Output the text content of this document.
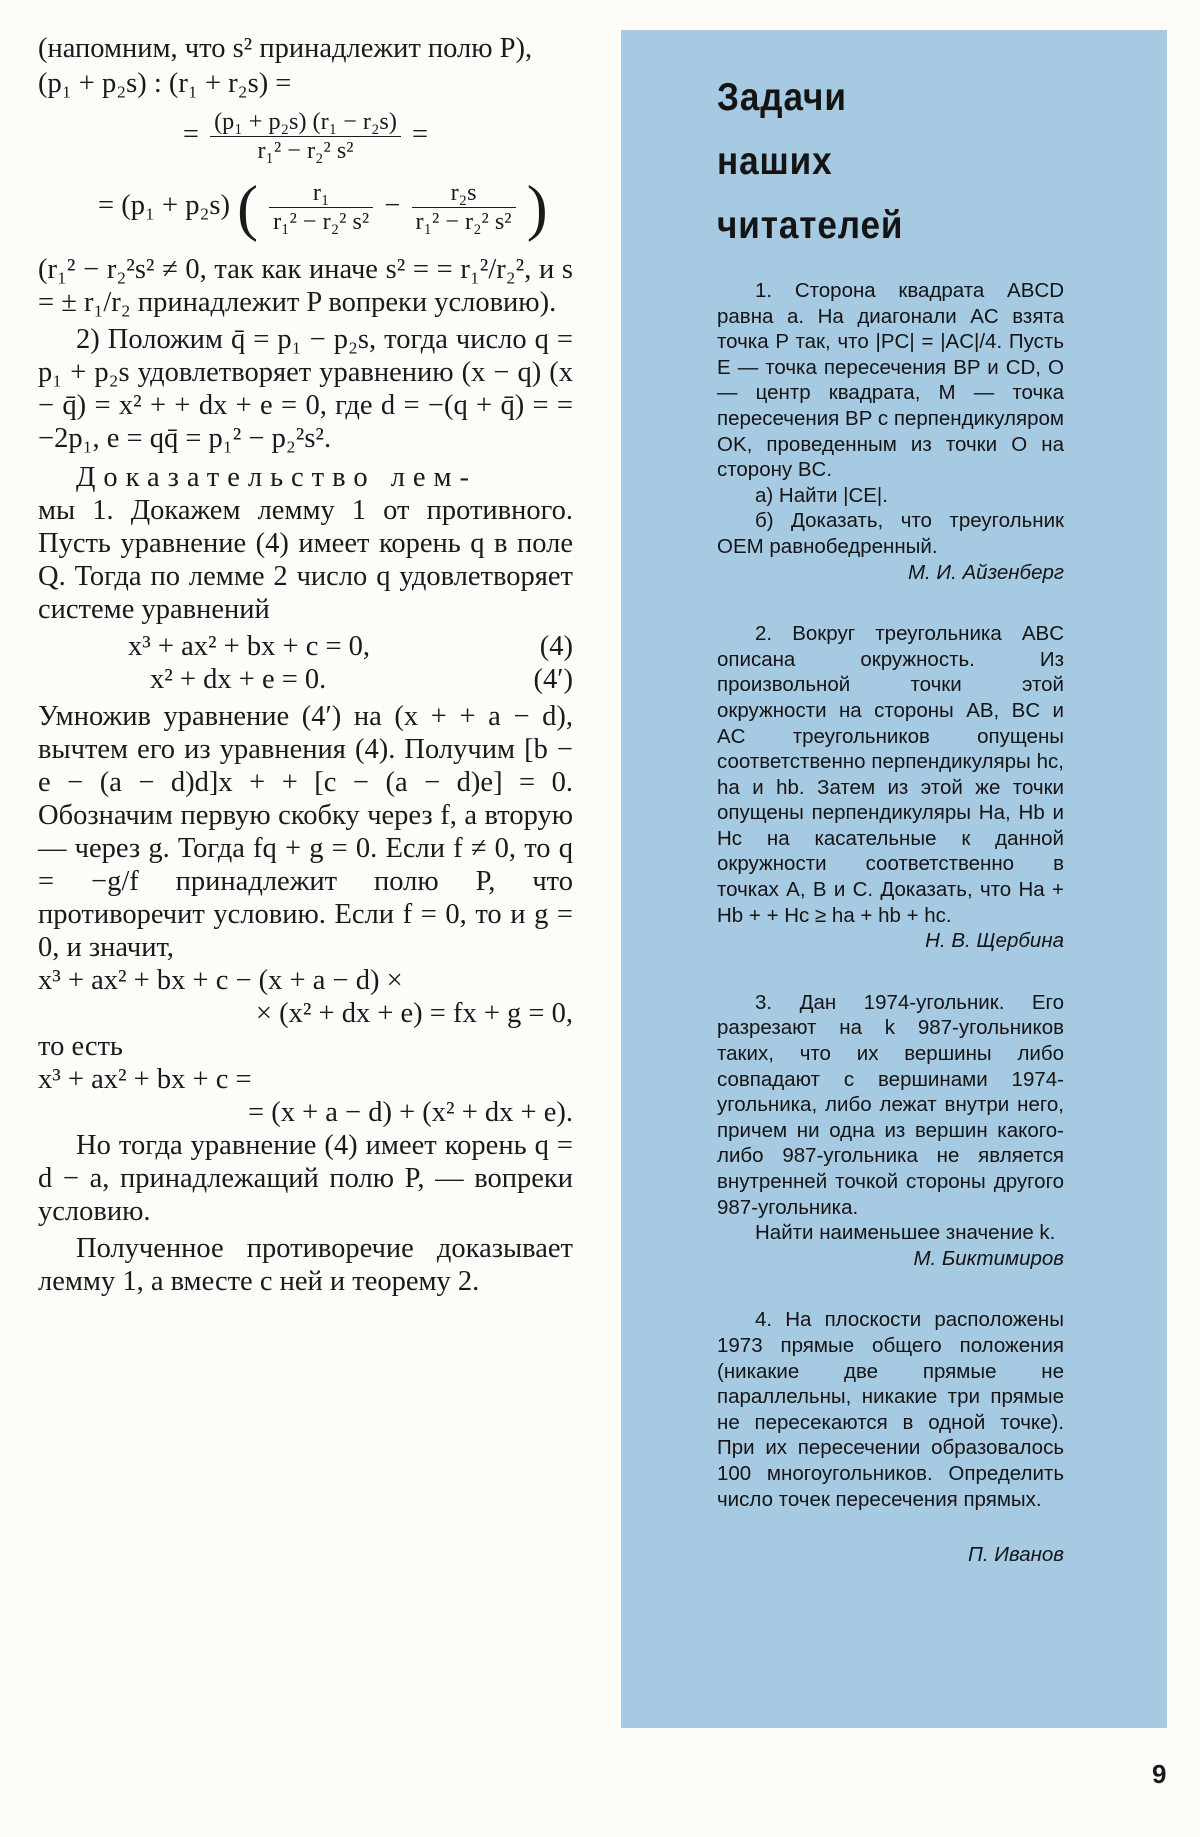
(напомним, что s² принадлежит полю P),

(p₁ + p₂s) : (r₁ + r₂s) =
= $\frac{\text{(p₁ + p₂s) (r₁ − r₂s)}}{\text{r₁² − r₂² s²}}$ =
= (p₁ + p₂s) ( $\frac{\text{r₁}}{\text{r₁² − r₂² s²}} - \frac{\text{r₂s}}{\text{r₁² − r₂² s²}}$ )

(r₁² − r₂²s² ≠ 0, так как иначе s² = = r₁²/r₂², и s = ± r₁/r₂ принадлежит P вопреки условию).

2) Положим q̄ = p₁ − p₂s, тогда число q = p₁ + p₂s удовлетворяет уравнению (x − q) (x − q̄) = x² + + dx + e = 0, где d = −(q + q̄) = = −2p₁, e = qq̄ = p₁² − p₂²s².

Доказательство лем-

мы 1. Докажем лемму 1 от противного. Пусть уравнение (4) имеет корень q в поле Q. Тогда по лемме 2 число q удовлетворяет системе уравнений

x³ + ax² + bx + c = 0,	(4)
x² + dx + e = 0.	(4′)

Умножив уравнение (4′) на (x + + a − d), вычтем его из уравнения (4). Получим [b − e − (a − d)d]x + + [c − (a − d)e] = 0. Обозначим первую скобку через f, а вторую — через g. Тогда fq + g = 0. Если f ≠ 0, то q = −g/f принадлежит полю P, что противоречит условию. Если f = 0, то и g = 0, и значит,

x³ + ax² + bx + c − (x + a − d) ×
× (x² + dx + e) = fx + g = 0,

то есть

x³ + ax² + bx + c =
= (x + a − d) + (x² + dx + e).

Но тогда уравнение (4) имеет корень q = d − a, принадлежащий полю P, — вопреки условию.

Полученное противоречие доказывает лемму 1, а вместе с ней и теорему 2.

Задачи
наших читателей

1. Сторона квадрата ABCD равна a. На диагонали AC взята точка P так, что |PC| = |AC|/4. Пусть E — точка пересечения BP и CD, O — центр квадрата, M — точка пересечения BP с перпендикуляром OK, проведенным из точки O на сторону BC.

а) Найти |CE|.

б) Доказать, что треугольник OEM равнобедренный.

М. И. Айзенберг

2. Вокруг треугольника ABC описана окружность. Из произвольной точки этой окружности на стороны AB, BC и AC треугольников опущены соответственно перпендикуляры hc, ha и hb. Затем из этой же точки опущены перпендикуляры Ha, Hb и Hc на касательные к данной окружности соответственно в точках A, B и C. Доказать, что Ha + Hb + + Hc ≥ ha + hb + hc.

Н. В. Щербина

3. Дан 1974-угольник. Его разрезают на k 987-угольников таких, что их вершины либо совпадают с вершинами 1974-угольника, либо лежат внутри него, причем ни одна из вершин какого-либо 987-угольника не является внутренней точкой стороны другого 987-угольника.

Найти наименьшее значение k.

М. Биктимиров

4. На плоскости расположены 1973 прямые общего положения (никакие две прямые не параллельны, никакие три прямые не пересекаются в одной точке). При их пересечении образовалось 100 многоугольников. Определить число точек пересечения прямых.

П. Иванов

9
